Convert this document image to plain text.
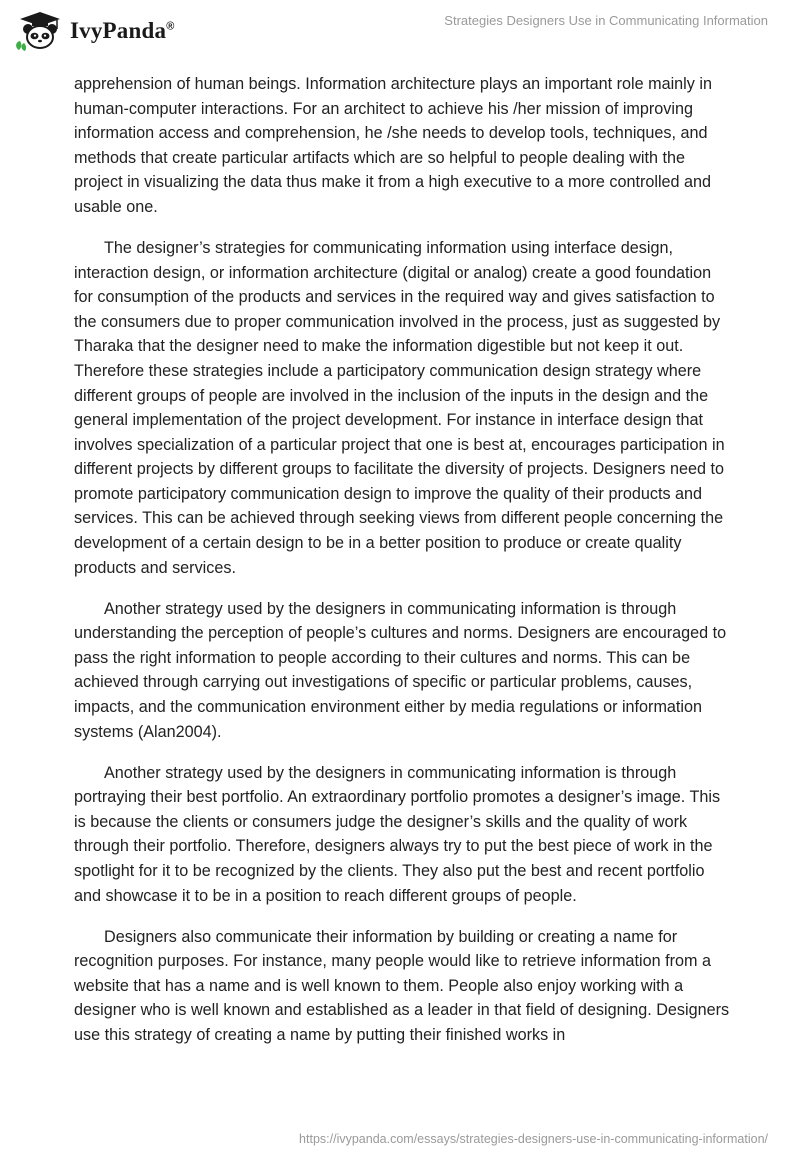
IvyPanda®	Strategies Designers Use in Communicating Information

apprehension of human beings. Information architecture plays an important role mainly in human-computer interactions. For an architect to achieve his /her mission of improving information access and comprehension, he /she needs to develop tools, techniques, and methods that create particular artifacts which are so helpful to people dealing with the project in visualizing the data thus make it from a high executive to a more controlled and usable one.

The designer’s strategies for communicating information using interface design, interaction design, or information architecture (digital or analog) create a good foundation for consumption of the products and services in the required way and gives satisfaction to the consumers due to proper communication involved in the process, just as suggested by Tharaka that the designer need to make the information digestible but not keep it out. Therefore these strategies include a participatory communication design strategy where different groups of people are involved in the inclusion of the inputs in the design and the general implementation of the project development. For instance in interface design that involves specialization of a particular project that one is best at, encourages participation in different projects by different groups to facilitate the diversity of projects. Designers need to promote participatory communication design to improve the quality of their products and services. This can be achieved through seeking views from different people concerning the development of a certain design to be in a better position to produce or create quality products and services.

Another strategy used by the designers in communicating information is through understanding the perception of people’s cultures and norms. Designers are encouraged to pass the right information to people according to their cultures and norms. This can be achieved through carrying out investigations of specific or particular problems, causes, impacts, and the communication environment either by media regulations or information systems (Alan2004).

Another strategy used by the designers in communicating information is through portraying their best portfolio. An extraordinary portfolio promotes a designer’s image. This is because the clients or consumers judge the designer’s skills and the quality of work through their portfolio. Therefore, designers always try to put the best piece of work in the spotlight for it to be recognized by the clients. They also put the best and recent portfolio and showcase it to be in a position to reach different groups of people.

Designers also communicate their information by building or creating a name for recognition purposes. For instance, many people would like to retrieve information from a website that has a name and is well known to them. People also enjoy working with a designer who is well known and established as a leader in that field of designing. Designers use this strategy of creating a name by putting their finished works in

https://ivypanda.com/essays/strategies-designers-use-in-communicating-information/
